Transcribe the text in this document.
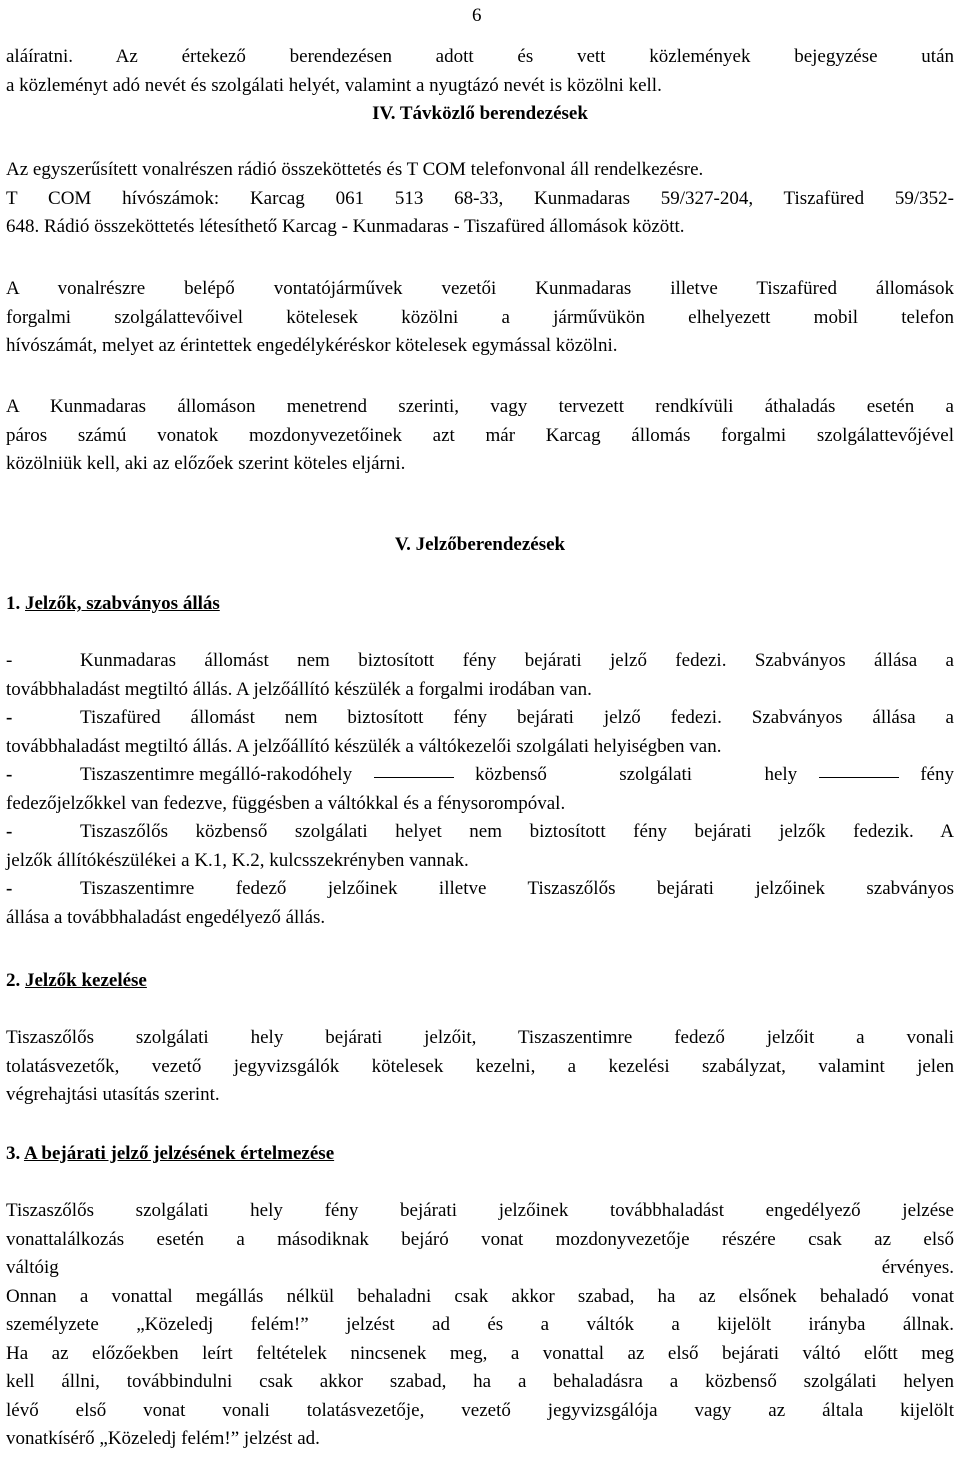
6

aláíratni. Az értekező berendezésen adott és vett közlemények bejegyzése után

a közleményt adó nevét és szolgálati helyét, valamint a nyugtázó nevét is közölni kell.

IV. Távközlő berendezések

Az egyszerűsített vonalrészen rádió összeköttetés és T COM telefonvonal áll rendelkezésre.

T COM hívószámok: Karcag 061 513 68-33, Kunmadaras 59/327-204, Tiszafüred 59/352-

648. Rádió összeköttetés létesíthető Karcag - Kunmadaras - Tiszafüred állomások között.

A vonalrészre belépő vontatójárművek vezetői Kunmadaras illetve Tiszafüred állomások

forgalmi szolgálattevőivel kötelesek közölni a járművükön elhelyezett mobil telefon

hívószámát, melyet az érintettek engedélykéréskor kötelesek egymással közölni.

A Kunmadaras állomáson menetrend szerinti, vagy tervezett rendkívüli áthaladás esetén a

páros számú vonatok mozdonyvezetőinek azt már Karcag állomás forgalmi szolgálattevőjével

közölniük kell, aki az előzőek szerint köteles eljárni.

V. Jelzőberendezések
1. Jelzők, szabványos állás
-	Kunmadaras állomást nem biztosított fény bejárati jelző fedezi. Szabványos állása a

továbbhaladást megtiltó állás. A jelzőállító készülék a forgalmi irodában van.

-	Tiszafüred állomást nem biztosított fény bejárati jelző fedezi. Szabványos állása a

továbbhaladást megtiltó állás. A jelzőállító készülék a váltókezelői szolgálati helyiségben van.

-	Tiszaszentimre megálló-rakodóhely	közbenső szolgálati hely	fény

fedezőjelzőkkel van fedezve, függésben a váltókkal és a fénysorompóval.

-	Tiszaszőlős közbenső szolgálati helyet nem biztosított fény bejárati jelzők fedezik. A

jelzők állítókészülékei a K.1, K.2, kulcsszekrényben vannak.

-	Tiszaszentimre fedező jelzőinek illetve Tiszaszőlős bejárati jelzőinek szabványos

állása a továbbhaladást engedélyező állás.

2. Jelzők kezelése

Tiszaszőlős szolgálati hely bejárati jelzőit, Tiszaszentimre fedező jelzőit a vonali

tolatásvezetők, vezető jegyvizsgálók kötelesek kezelni, a kezelési szabályzat, valamint jelen

végrehajtási utasítás szerint.

3. A bejárati jelző jelzésének értelmezése

Tiszaszőlős szolgálati hely fény bejárati jelzőinek továbbhaladást engedélyező jelzése

vonattalálkozás esetén a másodiknak bejáró vonat mozdonyvezetője részére csak az első

váltóig érvényes.

Onnan a vonattal megállás nélkül behaladni csak akkor szabad, ha az elsőnek behaladó vonat

személyzete „Közeledj felém!” jelzést ad és a váltók a kijelölt irányba állnak.

Ha az előzőekben leírt feltételek nincsenek meg, a vonattal az első bejárati váltó előtt meg

kell állni, továbbindulni csak akkor szabad, ha a behaladásra a közbenső szolgálati helyen

lévő első vonat vonali tolatásvezetője, vezető jegyvizsgálója vagy az általa kijelölt

vonatkísérő „Közeledj felém!” jelzést ad.
